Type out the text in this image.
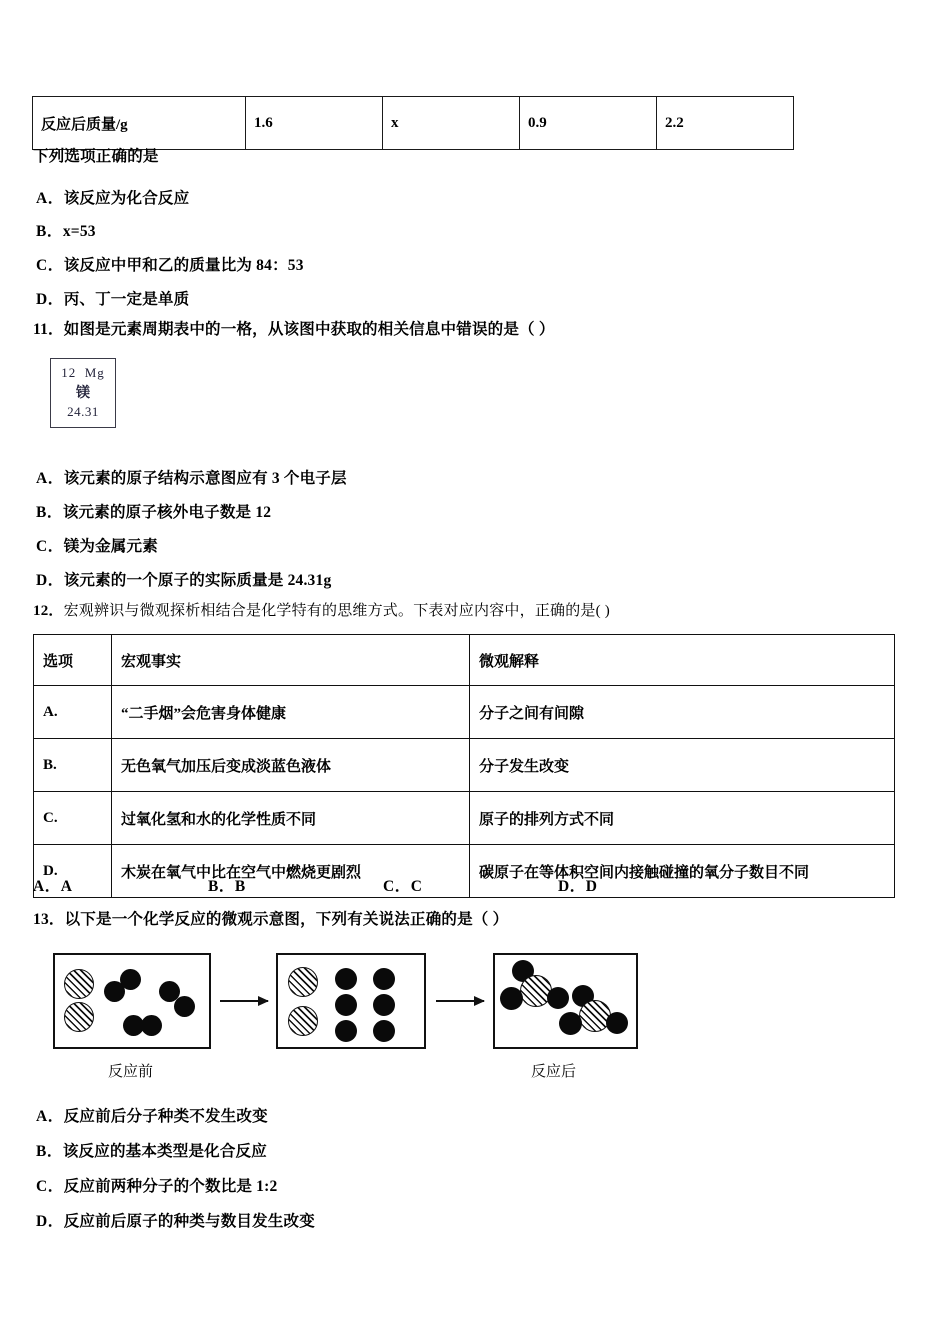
反应后质量/g	1.6	x	0.9	2.2
下列选项正确的是
A．该反应为化合反应
B．x=53
C．该反应中甲和乙的质量比为 84：53
D．丙、丁一定是单质
11．如图是元素周期表中的一格，从该图中获取的相关信息中错误的是（ ）
12 Mg
镁
24.31
A．该元素的原子结构示意图应有 3 个电子层
B．该元素的原子核外电子数是 12
C．镁为金属元素
D．该元素的一个原子的实际质量是 24.31g
12．宏观辨识与微观探析相结合是化学特有的思维方式。下表对应内容中，正确的是( )
选项	宏观事实	微观解释
A.	“二手烟”会危害身体健康	分子之间有间隙
B.	无色氧气加压后变成淡蓝色液体	分子发生改变
C.	过氧化氢和水的化学性质不同	原子的排列方式不同
D.	木炭在氧气中比在空气中燃烧更剧烈	碳原子在等体积空间内接触碰撞的氧分子数目不同
A．A	B．B	C．C	D．D
13．以下是一个化学反应的微观示意图，下列有关说法正确的是（ ）
反应前	反应后
A．反应前后分子种类不发生改变
B．该反应的基本类型是化合反应
C．反应前两种分子的个数比是 1:2
D．反应前后原子的种类与数目发生改变
